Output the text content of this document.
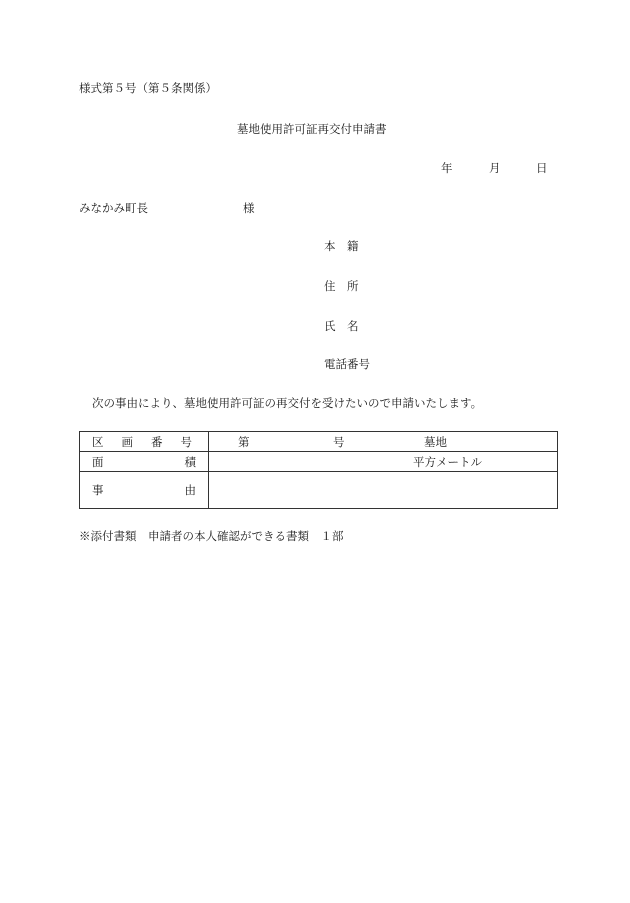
様式第５号（第５条関係）
墓地使用許可証再交付申請書
年	月	日
みなかみ町長	様
本　籍
住　所
氏　名
電話番号
次の事由により、墓地使用許可証の再交付を受けたいので申請いたします。
区 画 番 号	第 号 墓地

面 積	平方メートル

事 由	

※添付書類　申請者の本人確認ができる書類　１部
